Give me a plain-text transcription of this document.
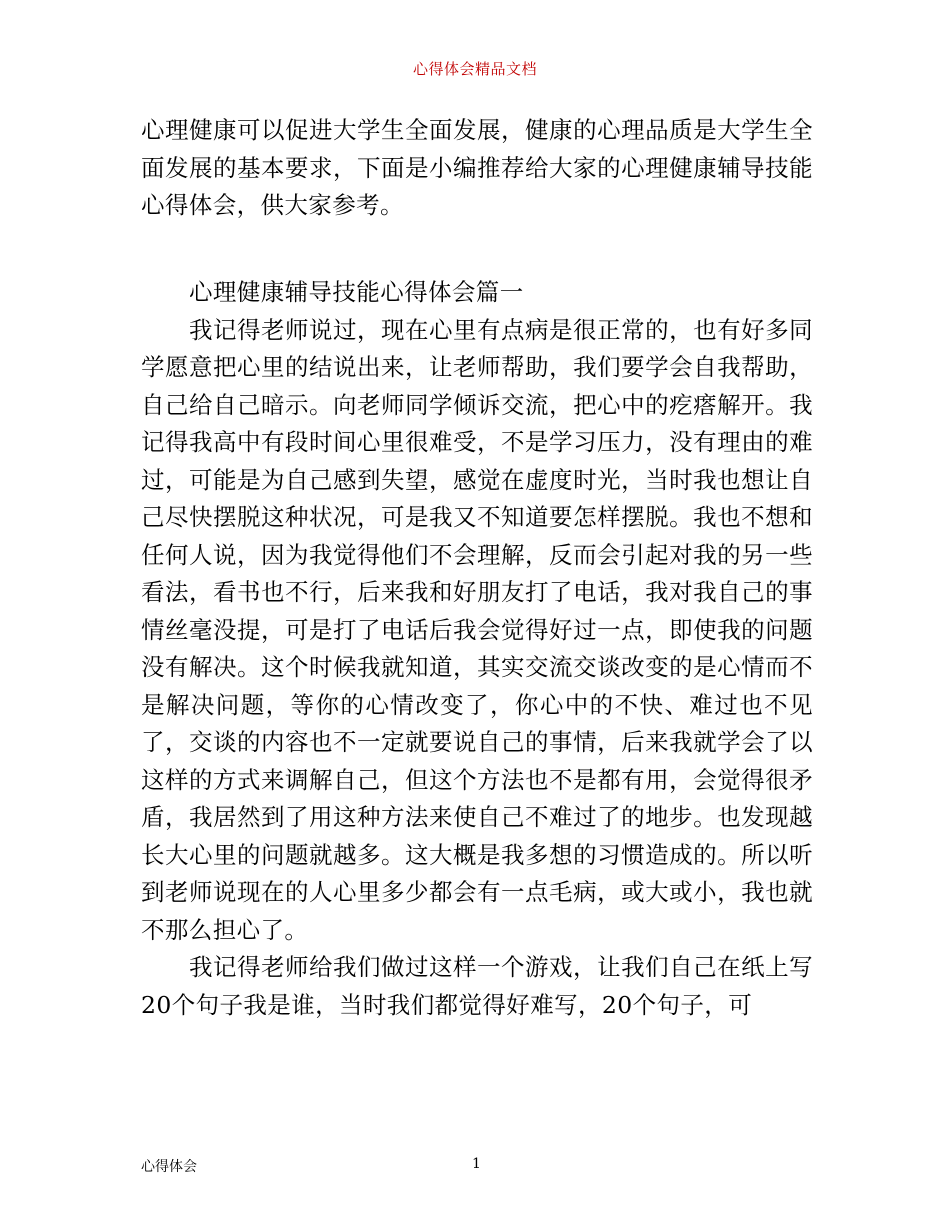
心得体会精品文档

心理健康可以促进大学生全面发展，健康的心理品质是大学生全面发展的基本要求，下面是小编推荐给大家的心理健康辅导技能心得体会，供大家参考。

心理健康辅导技能心得体会篇一

我记得老师说过，现在心里有点病是很正常的，也有好多同学愿意把心里的结说出来，让老师帮助，我们要学会自我帮助，自己给自己暗示。向老师同学倾诉交流，把心中的疙瘩解开。我记得我高中有段时间心里很难受，不是学习压力，没有理由的难过，可能是为自己感到失望，感觉在虚度时光，当时我也想让自己尽快摆脱这种状况，可是我又不知道要怎样摆脱。我也不想和任何人说，因为我觉得他们不会理解，反而会引起对我的另一些看法，看书也不行，后来我和好朋友打了电话，我对我自己的事情丝毫没提，可是打了电话后我会觉得好过一点，即使我的问题没有解决。这个时候我就知道，其实交流交谈改变的是心情而不是解决问题，等你的心情改变了，你心中的不快、难过也不见了，交谈的内容也不一定就要说自己的事情，后来我就学会了以这样的方式来调解自己，但这个方法也不是都有用，会觉得很矛盾，我居然到了用这种方法来使自己不难过了的地步。也发现越长大心里的问题就越多。这大概是我多想的习惯造成的。所以听到老师说现在的人心里多少都会有一点毛病，或大或小，我也就不那么担心了。

我记得老师给我们做过这样一个游戏，让我们自己在纸上写20个句子我是谁，当时我们都觉得好难写，20个句子，可

心得体会	1
